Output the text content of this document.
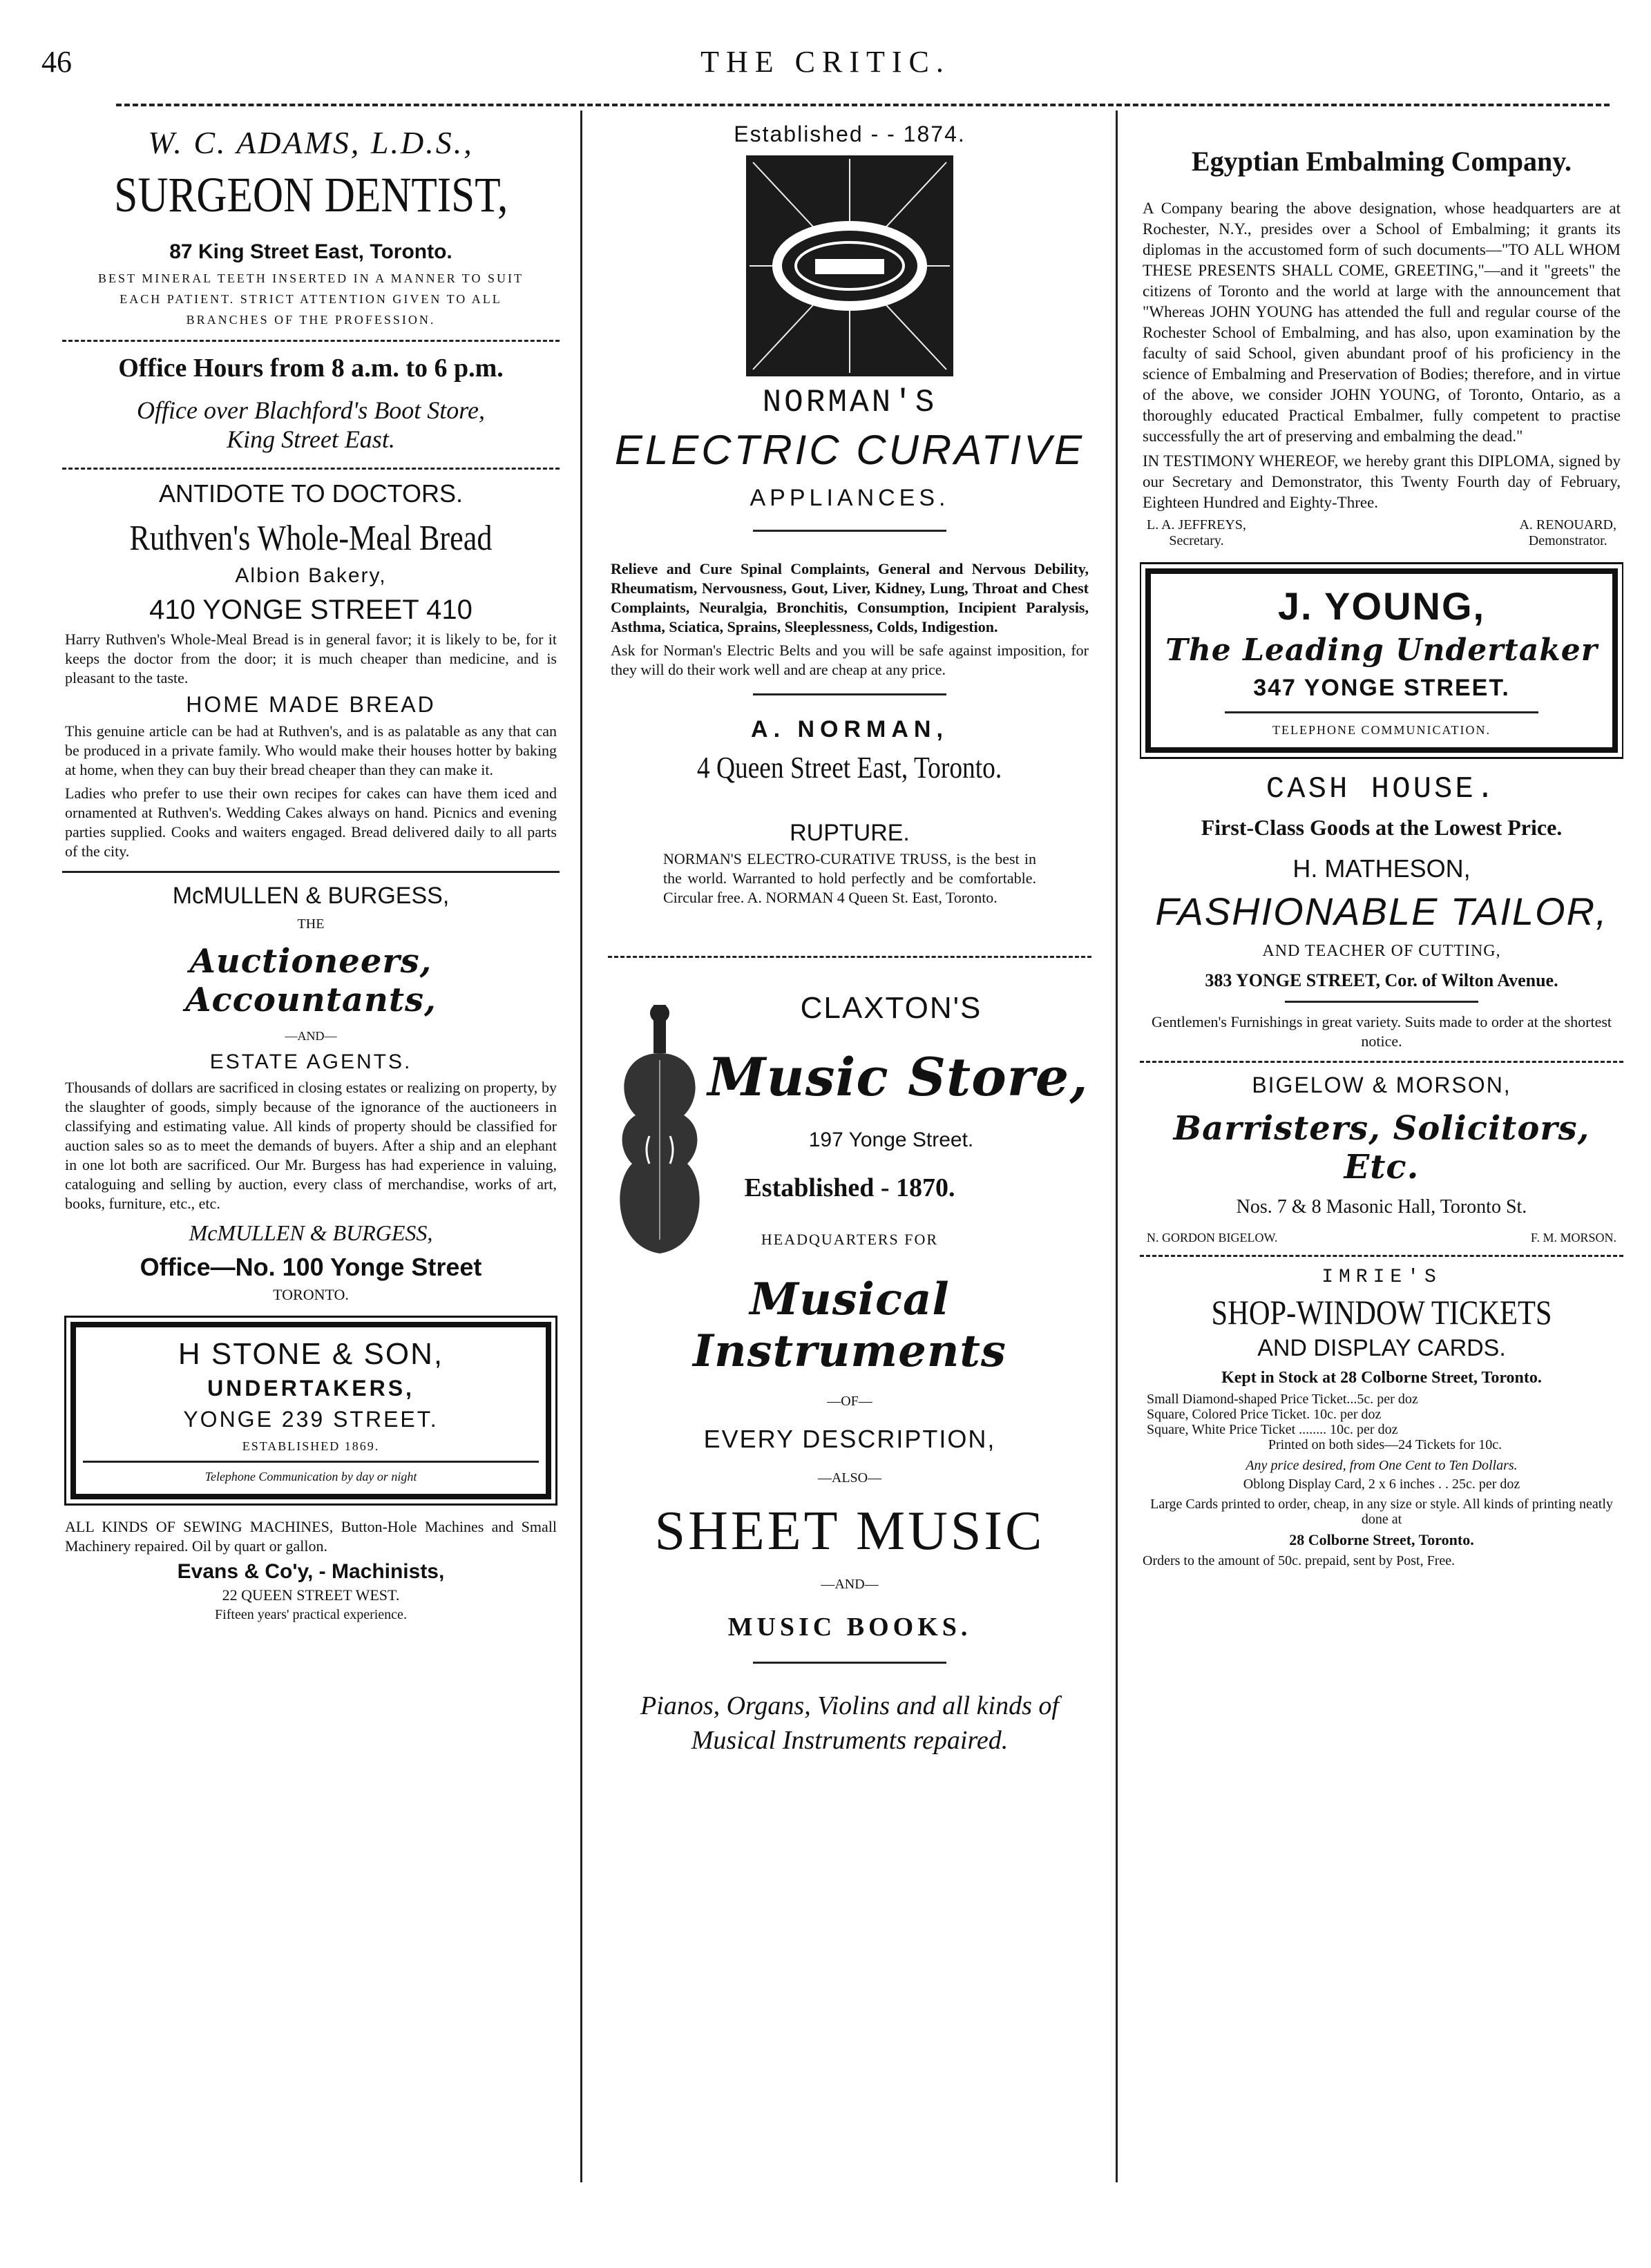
46	THE CRITIC.
W. C. ADAMS, L.D.S.,
SURGEON DENTIST,
87 King Street East, Toronto.

BEST MINERAL TEETH INSERTED IN A MANNER TO SUIT EACH PATIENT. STRICT ATTENTION GIVEN TO ALL BRANCHES OF THE PROFESSION.

Office Hours from 8 a.m. to 6 p.m.
Office over Blachford's Boot Store,
King Street East.
ANTIDOTE TO DOCTORS.
Ruthven's Whole-Meal Bread
Albion Bakery,
410 YONGE STREET 410

Harry Ruthven's Whole-Meal Bread is in general favor; it is likely to be, for it keeps the doctor from the door; it is much cheaper than medicine, and is pleasant to the taste.

HOME MADE BREAD

This genuine article can be had at Ruthven's, and is as palatable as any that can be produced in a private family. Who would make their houses hotter by baking at home, when they can buy their bread cheaper than they can make it.

Ladies who prefer to use their own recipes for cakes can have them iced and ornamented at Ruthven's. Wedding Cakes always on hand. Picnics and evening parties supplied. Cooks and waiters engaged. Bread delivered daily to all parts of the city.

McMULLEN & BURGESS,
THE
Auctioneers, Accountants,
—AND—
ESTATE AGENTS.

Thousands of dollars are sacrificed in closing estates or realizing on property, by the slaughter of goods, simply because of the ignorance of the auctioneers in classifying and estimating value. All kinds of property should be classified for auction sales so as to meet the demands of buyers. After a ship and an elephant in one lot both are sacrificed. Our Mr. Burgess has had experience in valuing, cataloguing and selling by auction, every class of merchandise, works of art, books, furniture, etc., etc.

McMULLEN & BURGESS,
Office—No. 100 Yonge Street
TORONTO.
H STONE & SON,
UNDERTAKERS,
YONGE 239 STREET.
ESTABLISHED 1869.
Telephone Communication by day or night

ALL KINDS OF SEWING MACHINES, Button-Hole Machines and Small Machinery repaired. Oil by quart or gallon.

Evans & Co'y, - Machinists,
22 QUEEN STREET WEST.
Fifteen years' practical experience.
Established - - 1874.
NORMAN'S
ELECTRIC CURATIVE
APPLIANCES.

Relieve and Cure Spinal Complaints, General and Nervous Debility, Rheumatism, Nervousness, Gout, Liver, Kidney, Lung, Throat and Chest Complaints, Neuralgia, Bronchitis, Consumption, Incipient Paralysis, Asthma, Sciatica, Sprains, Sleeplessness, Colds, Indigestion.

Ask for Norman's Electric Belts and you will be safe against imposition, for they will do their work well and are cheap at any price.

A. NORMAN,
4 Queen Street East, Toronto.
RUPTURE.

NORMAN'S ELECTRO-CURATIVE TRUSS, is the best in the world. Warranted to hold perfectly and be comfortable. Circular free. A. NORMAN 4 Queen St. East, Toronto.

CLAXTON'S
Music Store,
197 Yonge Street.
Established - 1870.
HEADQUARTERS FOR
Musical Instruments
—OF—
EVERY DESCRIPTION,
—ALSO—
SHEET MUSIC
—AND—
MUSIC BOOKS.
Pianos, Organs, Violins and all kinds of Musical Instruments repaired.
Egyptian Embalming Company.

A Company bearing the above designation, whose headquarters are at Rochester, N.Y., presides over a School of Embalming; it grants its diplomas in the accustomed form of such documents—"TO ALL WHOM THESE PRESENTS SHALL COME, GREETING,"—and it "greets" the citizens of Toronto and the world at large with the announcement that "Whereas JOHN YOUNG has attended the full and regular course of the Rochester School of Embalming, and has also, upon examination by the faculty of said School, given abundant proof of his proficiency in the science of Embalming and Preservation of Bodies; therefore, and in virtue of the above, we consider JOHN YOUNG, of Toronto, Ontario, as a thoroughly educated Practical Embalmer, fully competent to practise successfully the art of preserving and embalming the dead."

IN TESTIMONY WHEREOF, we hereby grant this DIPLOMA, signed by our Secretary and Demonstrator, this Twenty Fourth day of February, Eighteen Hundred and Eighty-Three.

L. A. JEFFREYS,
Secretary.
A. RENOUARD,
Demonstrator.
J. YOUNG,
The Leading Undertaker
347 YONGE STREET.
TELEPHONE COMMUNICATION.
CASH HOUSE.
First-Class Goods at the Lowest Price.
H. MATHESON,
FASHIONABLE TAILOR,
AND TEACHER OF CUTTING,
383 YONGE STREET, Cor. of Wilton Avenue.

Gentlemen's Furnishings in great variety. Suits made to order at the shortest notice.

BIGELOW & MORSON,
Barristers, Solicitors, Etc.
Nos. 7 & 8 Masonic Hall, Toronto St.
N. GORDON BIGELOW.	F. M. MORSON.
IMRIE'S
SHOP-WINDOW TICKETS
AND DISPLAY CARDS.
Kept in Stock at 28 Colborne Street, Toronto.
Small Diamond-shaped Price Ticket...5c. per doz
Square, Colored Price Ticket. 10c. per doz
Square, White Price Ticket ........ 10c. per doz
Printed on both sides—24 Tickets for 10c.
Any price desired, from One Cent to Ten Dollars.
Oblong Display Card, 2 x 6 inches . . 25c. per doz

Large Cards printed to order, cheap, in any size or style. All kinds of printing neatly done at

28 Colborne Street, Toronto.

Orders to the amount of 50c. prepaid, sent by Post, Free.
